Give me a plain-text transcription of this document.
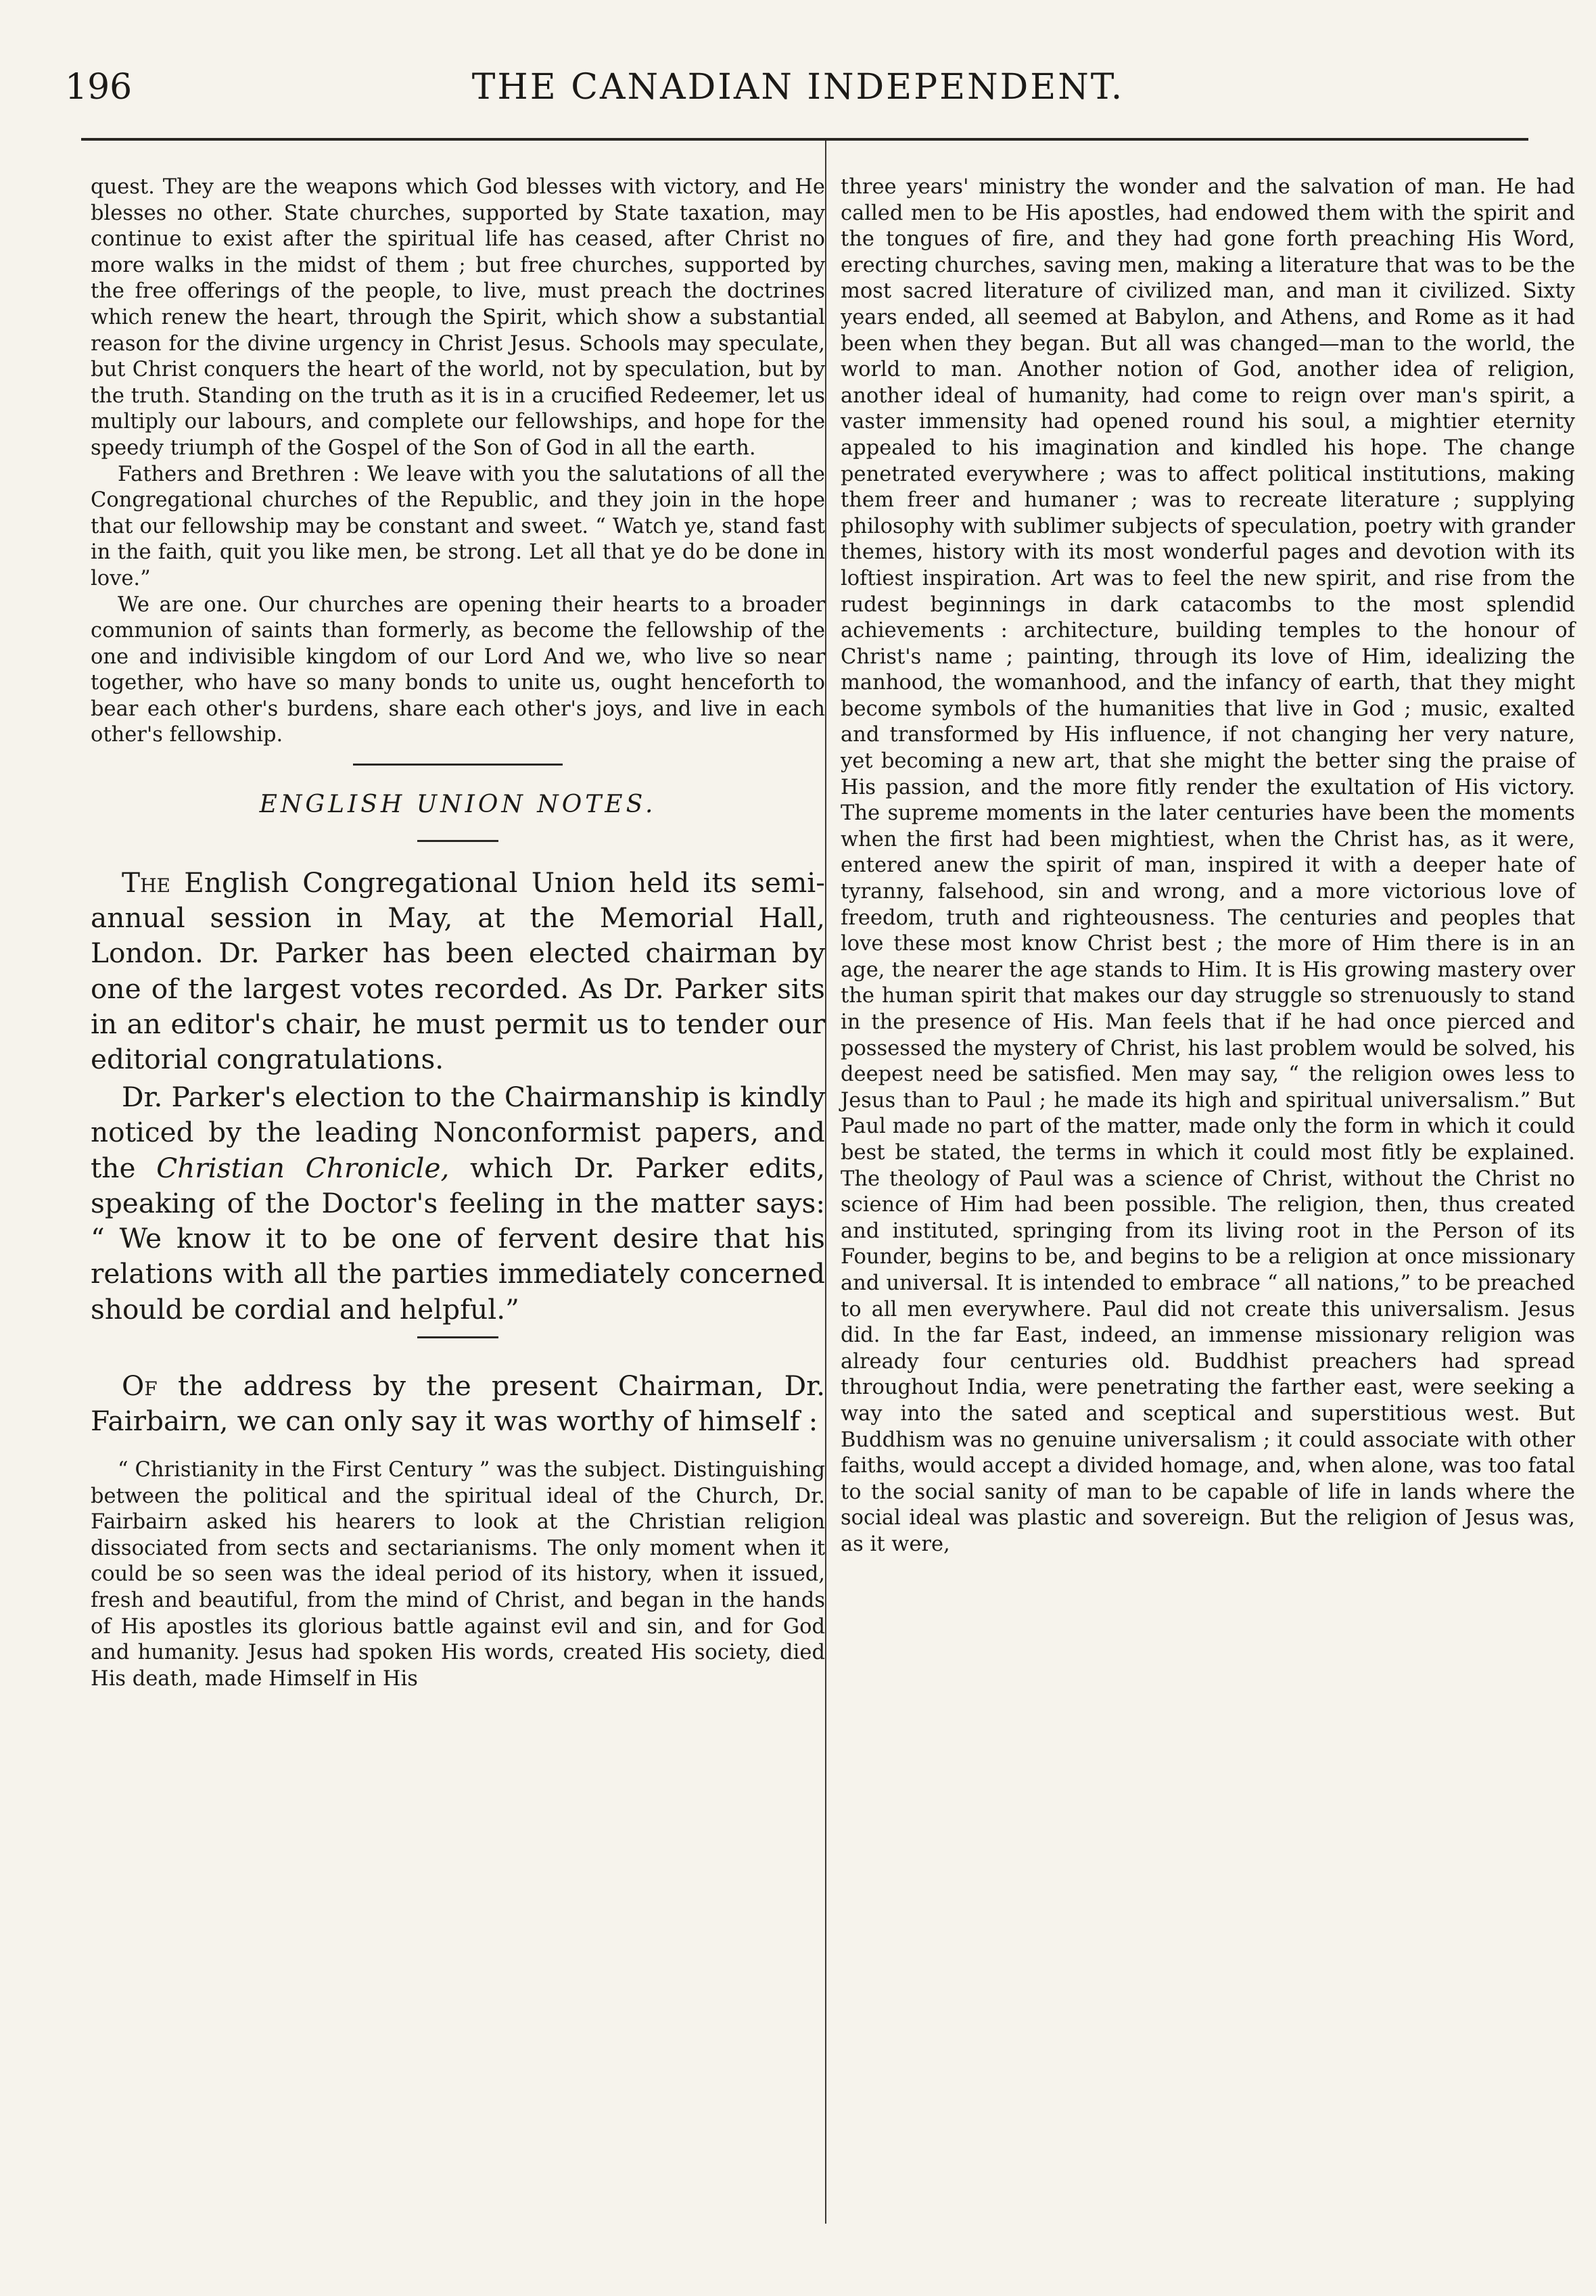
196	THE CANADIAN INDEPENDENT.

quest. They are the weapons which God blesses with victory, and He blesses no other. State churches, supported by State taxation, may continue to exist after the spiritual life has ceased, after Christ no more walks in the midst of them ; but free churches, supported by the free offerings of the people, to live, must preach the doctrines which renew the heart, through the Spirit, which show a substantial reason for the divine urgency in Christ Jesus. Schools may speculate, but Christ conquers the heart of the world, not by speculation, but by the truth. Standing on the truth as it is in a crucified Redeemer, let us multiply our labours, and complete our fellowships, and hope for the speedy triumph of the Gospel of the Son of God in all the earth.

Fathers and Brethren : We leave with you the salutations of all the Congregational churches of the Republic, and they join in the hope that our fellowship may be constant and sweet. “ Watch ye, stand fast in the faith, quit you like men, be strong. Let all that ye do be done in love.”

We are one. Our churches are opening their hearts to a broader communion of saints than formerly, as become the fellowship of the one and indivisible kingdom of our Lord And we, who live so near together, who have so many bonds to unite us, ought henceforth to bear each other's burdens, share each other's joys, and live in each other's fellowship.

ENGLISH UNION NOTES.

The English Congregational Union held its semi-annual session in May, at the Memorial Hall, London. Dr. Parker has been elected chairman by one of the largest votes recorded. As Dr. Parker sits in an editor's chair, he must permit us to tender our editorial congratulations.

Dr. Parker's election to the Chairmanship is kindly noticed by the leading Nonconformist papers, and the Christian Chronicle, which Dr. Parker edits, speaking of the Doctor's feeling in the matter says: “ We know it to be one of fervent desire that his relations with all the parties immediately concerned should be cordial and helpful.”

Of the address by the present Chairman, Dr. Fairbairn, we can only say it was worthy of himself :

“ Christianity in the First Century ” was the subject. Distinguishing between the political and the spiritual ideal of the Church, Dr. Fairbairn asked his hearers to look at the Christian religion dissociated from sects and sectarianisms. The only moment when it could be so seen was the ideal period of its history, when it issued, fresh and beautiful, from the mind of Christ, and began in the hands of His apostles its glorious battle against evil and sin, and for God and humanity. Jesus had spoken His words, created His society, died His death, made Himself in His

three years' ministry the wonder and the salvation of man. He had called men to be His apostles, had endowed them with the spirit and the tongues of fire, and they had gone forth preaching His Word, erecting churches, saving men, making a literature that was to be the most sacred literature of civilized man, and man it civilized. Sixty years ended, all seemed at Babylon, and Athens, and Rome as it had been when they began. But all was changed—man to the world, the world to man. Another notion of God, another idea of religion, another ideal of humanity, had come to reign over man's spirit, a vaster immensity had opened round his soul, a mightier eternity appealed to his imagination and kindled his hope. The change penetrated everywhere ; was to affect political institutions, making them freer and humaner ; was to recreate literature ; supplying philosophy with sublimer subjects of speculation, poetry with grander themes, history with its most wonderful pages and devotion with its loftiest inspiration. Art was to feel the new spirit, and rise from the rudest beginnings in dark catacombs to the most splendid achievements : architecture, building temples to the honour of Christ's name ; painting, through its love of Him, idealizing the manhood, the womanhood, and the infancy of earth, that they might become symbols of the humanities that live in God ; music, exalted and transformed by His influence, if not changing her very nature, yet becoming a new art, that she might the better sing the praise of His passion, and the more fitly render the exultation of His victory. The supreme moments in the later centuries have been the moments when the first had been mightiest, when the Christ has, as it were, entered anew the spirit of man, inspired it with a deeper hate of tyranny, falsehood, sin and wrong, and a more victorious love of freedom, truth and righteousness. The centuries and peoples that love these most know Christ best ; the more of Him there is in an age, the nearer the age stands to Him. It is His growing mastery over the human spirit that makes our day struggle so strenuously to stand in the presence of His. Man feels that if he had once pierced and possessed the mystery of Christ, his last problem would be solved, his deepest need be satisfied. Men may say, “ the religion owes less to Jesus than to Paul ; he made its high and spiritual universalism.” But Paul made no part of the matter, made only the form in which it could best be stated, the terms in which it could most fitly be explained. The theology of Paul was a science of Christ, without the Christ no science of Him had been possible. The religion, then, thus created and instituted, springing from its living root in the Person of its Founder, begins to be, and begins to be a religion at once missionary and universal. It is intended to embrace “ all nations,” to be preached to all men everywhere. Paul did not create this universalism. Jesus did. In the far East, indeed, an immense missionary religion was already four centuries old. Buddhist preachers had spread throughout India, were penetrating the farther east, were seeking a way into the sated and sceptical and superstitious west. But Buddhism was no genuine universalism ; it could associate with other faiths, would accept a divided homage, and, when alone, was too fatal to the social sanity of man to be capable of life in lands where the social ideal was plastic and sovereign. But the religion of Jesus was, as it were,
